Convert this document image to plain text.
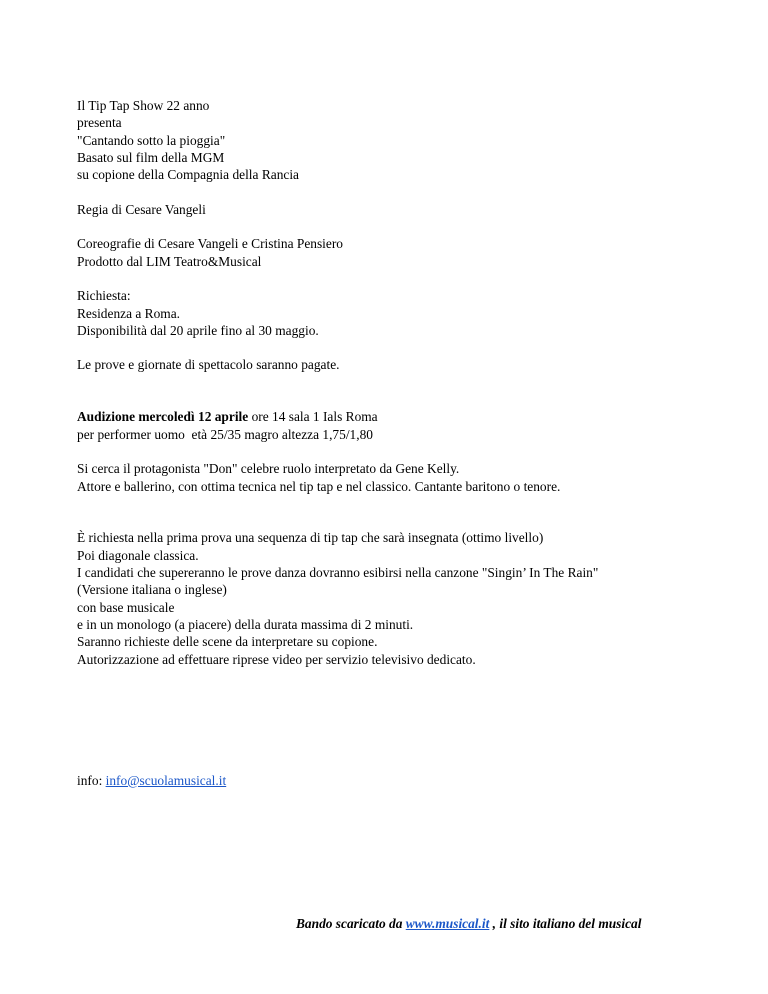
Il Tip Tap Show 22 anno

presenta

"Cantando sotto la pioggia"

Basato sul film della MGM

su copione della Compagnia della Rancia

Regia di Cesare Vangeli

Coreografie di Cesare Vangeli e Cristina Pensiero

Prodotto dal LIM Teatro&Musical

Richiesta:

Residenza a Roma.

Disponibilità dal 20 aprile fino al 30 maggio.

Le prove e giornate di spettacolo saranno pagate.

Audizione mercoledì 12 aprile ore 14 sala 1 Ials Roma

per performer uomo  età 25/35 magro altezza 1,75/1,80

Si cerca il protagonista "Don" celebre ruolo interpretato da Gene Kelly.

Attore e ballerino, con ottima tecnica nel tip tap e nel classico. Cantante baritono o tenore.

È richiesta nella prima prova una sequenza di tip tap che sarà insegnata (ottimo livello)

Poi diagonale classica.

I candidati che supereranno le prove danza dovranno esibirsi nella canzone "Singin’ In The Rain"

(Versione italiana o inglese)

con base musicale

e in un monologo (a piacere) della durata massima di 2 minuti.

Saranno richieste delle scene da interpretare su copione.

Autorizzazione ad effettuare riprese video per servizio televisivo dedicato.

info: info@scuolamusical.it

Bando scaricato da www.musical.it , il sito italiano del musical
